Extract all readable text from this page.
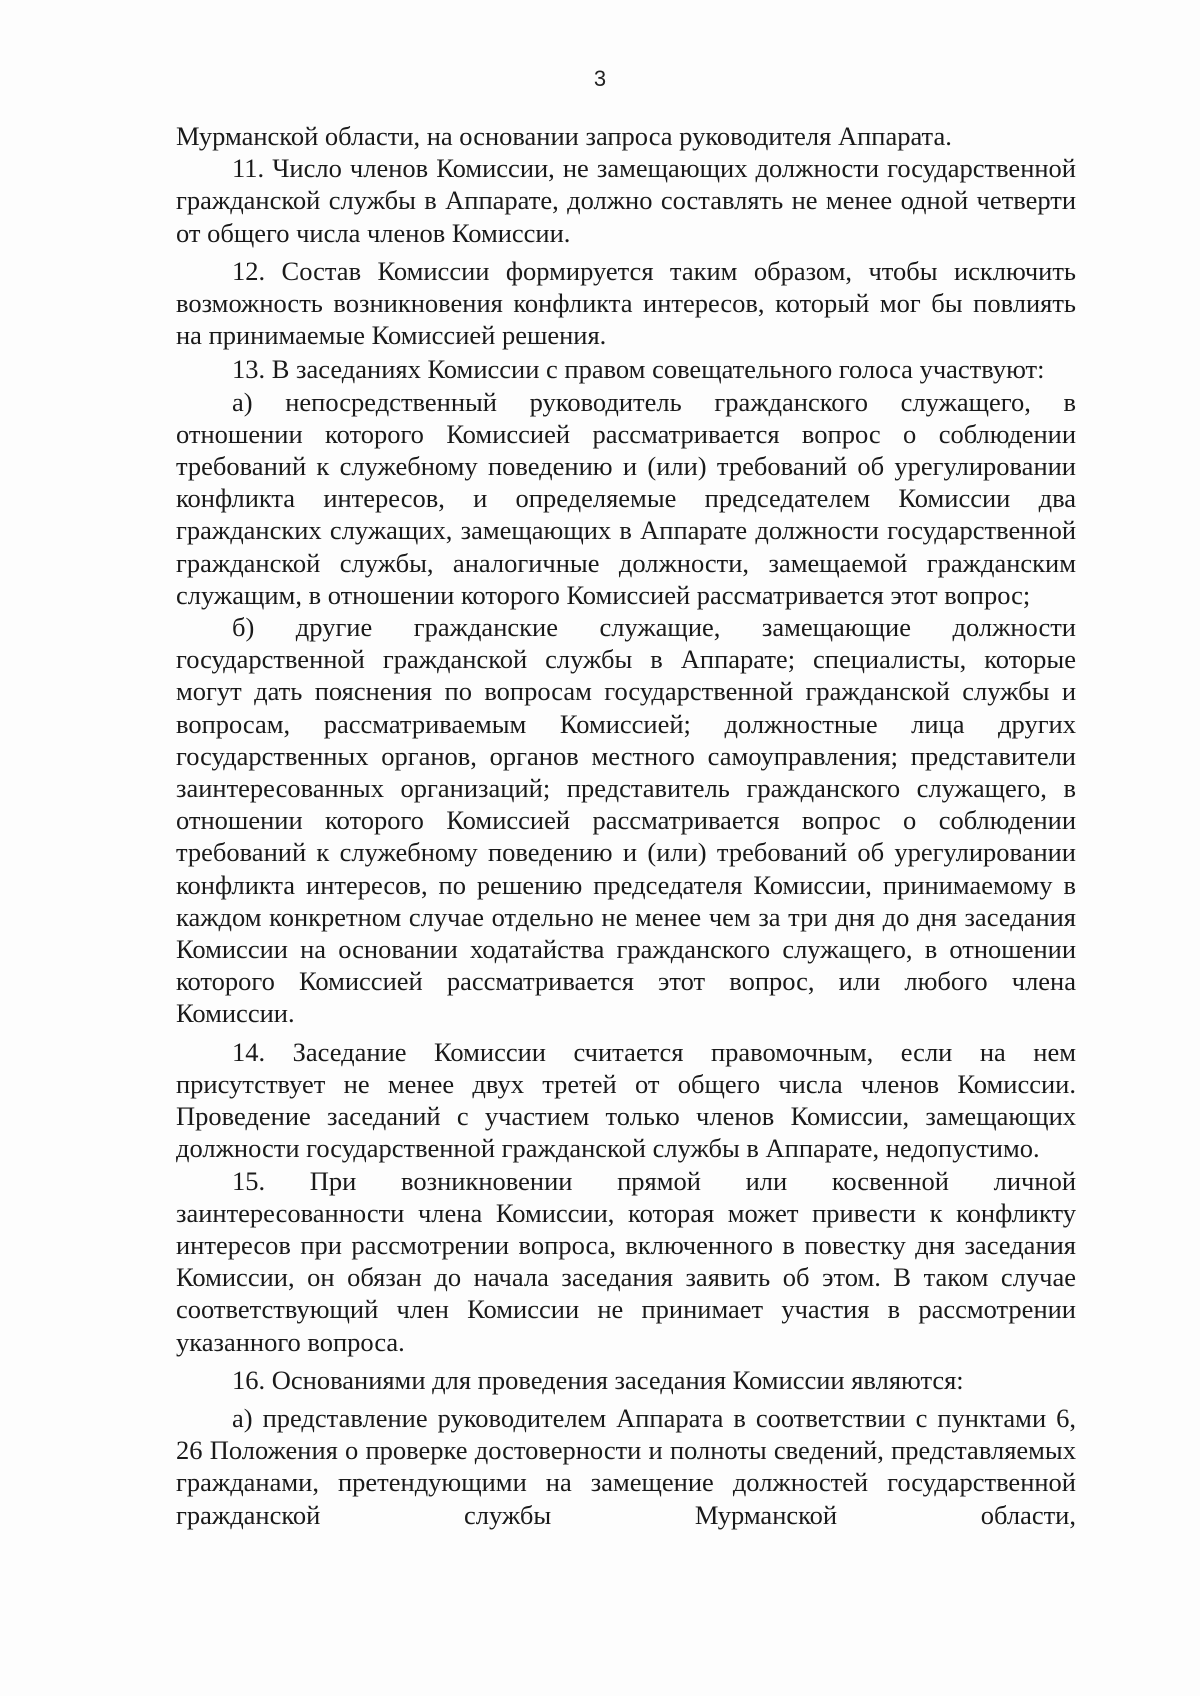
3

Мурманской области, на основании запроса руководителя Аппарата.

11. Число членов Комиссии, не замещающих должности государственной гражданской службы в Аппарате, должно составлять не менее одной четверти от общего числа членов Комиссии.

12. Состав Комиссии формируется таким образом, чтобы исключить возможность возникновения конфликта интересов, который мог бы повлиять на принимаемые Комиссией решения.

13. В заседаниях Комиссии с правом совещательного голоса участвуют:

а) непосредственный руководитель гражданского служащего, в отношении которого Комиссией рассматривается вопрос о соблюдении требований к служебному поведению и (или) требований об урегулировании конфликта интересов, и определяемые председателем Комиссии два гражданских служащих, замещающих в Аппарате должности государственной гражданской службы, аналогичные должности, замещаемой гражданским служащим, в отношении которого Комиссией рассматривается этот вопрос;

б) другие гражданские служащие, замещающие должности государственной гражданской службы в Аппарате; специалисты, которые могут дать пояснения по вопросам государственной гражданской службы и вопросам, рассматриваемым Комиссией; должностные лица других государственных органов, органов местного самоуправления; представители заинтересованных организаций; представитель гражданского служащего, в отношении которого Комиссией рассматривается вопрос о соблюдении требований к служебному поведению и (или) требований об урегулировании конфликта интересов, по решению председателя Комиссии, принимаемому в каждом конкретном случае отдельно не менее чем за три дня до дня заседания Комиссии на основании ходатайства гражданского служащего, в отношении которого Комиссией рассматривается этот вопрос, или любого члена Комиссии.

14. Заседание Комиссии считается правомочным, если на нем присутствует не менее двух третей от общего числа членов Комиссии. Проведение заседаний с участием только членов Комиссии, замещающих должности государственной гражданской службы в Аппарате, недопустимо.

15. При возникновении прямой или косвенной личной заинтересованности члена Комиссии, которая может привести к конфликту интересов при рассмотрении вопроса, включенного в повестку дня заседания Комиссии, он обязан до начала заседания заявить об этом. В таком случае соответствующий член Комиссии не принимает участия в рассмотрении указанного вопроса.

16. Основаниями для проведения заседания Комиссии являются:

а) представление руководителем Аппарата в соответствии с пунктами 6, 26 Положения о проверке достоверности и полноты сведений, представляемых гражданами, претендующими на замещение должностей государственной гражданской службы Мурманской области,
